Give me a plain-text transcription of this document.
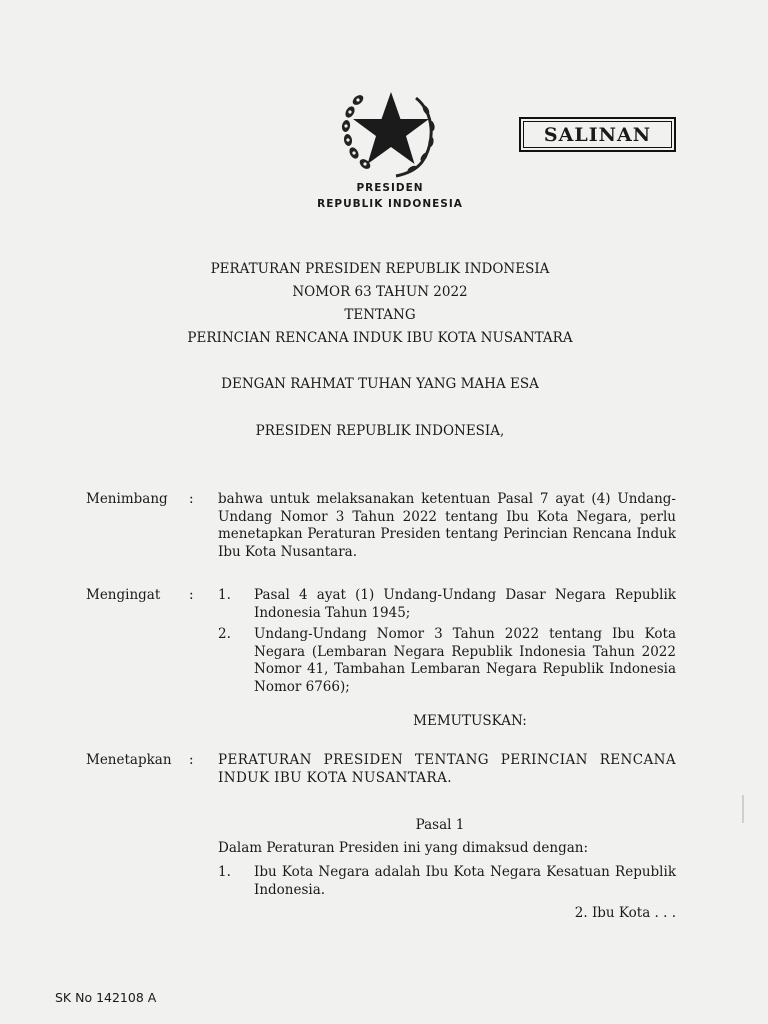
SALINAN
PRESIDEN
REPUBLIK INDONESIA
PERATURAN PRESIDEN REPUBLIK INDONESIA
NOMOR 63 TAHUN 2022
TENTANG
PERINCIAN RENCANA INDUK IBU KOTA NUSANTARA
DENGAN RAHMAT TUHAN YANG MAHA ESA
PRESIDEN REPUBLIK INDONESIA,
Menimbang : bahwa untuk melaksanakan ketentuan Pasal 7 ayat (4) Undang-Undang Nomor 3 Tahun 2022 tentang Ibu Kota Negara, perlu menetapkan Peraturan Presiden tentang Perincian Rencana Induk Ibu Kota Nusantara.
Mengingat : 1. Pasal 4 ayat (1) Undang-Undang Dasar Negara Republik Indonesia Tahun 1945;
2. Undang-Undang Nomor 3 Tahun 2022 tentang Ibu Kota Negara (Lembaran Negara Republik Indonesia Tahun 2022 Nomor 41, Tambahan Lembaran Negara Republik Indonesia Nomor 6766);
MEMUTUSKAN:
Menetapkan : PERATURAN PRESIDEN TENTANG PERINCIAN RENCANA INDUK IBU KOTA NUSANTARA.
Pasal 1
Dalam Peraturan Presiden ini yang dimaksud dengan:
1. Ibu Kota Negara adalah Ibu Kota Negara Kesatuan Republik Indonesia.
2. Ibu Kota . . .
SK No 142108 A
